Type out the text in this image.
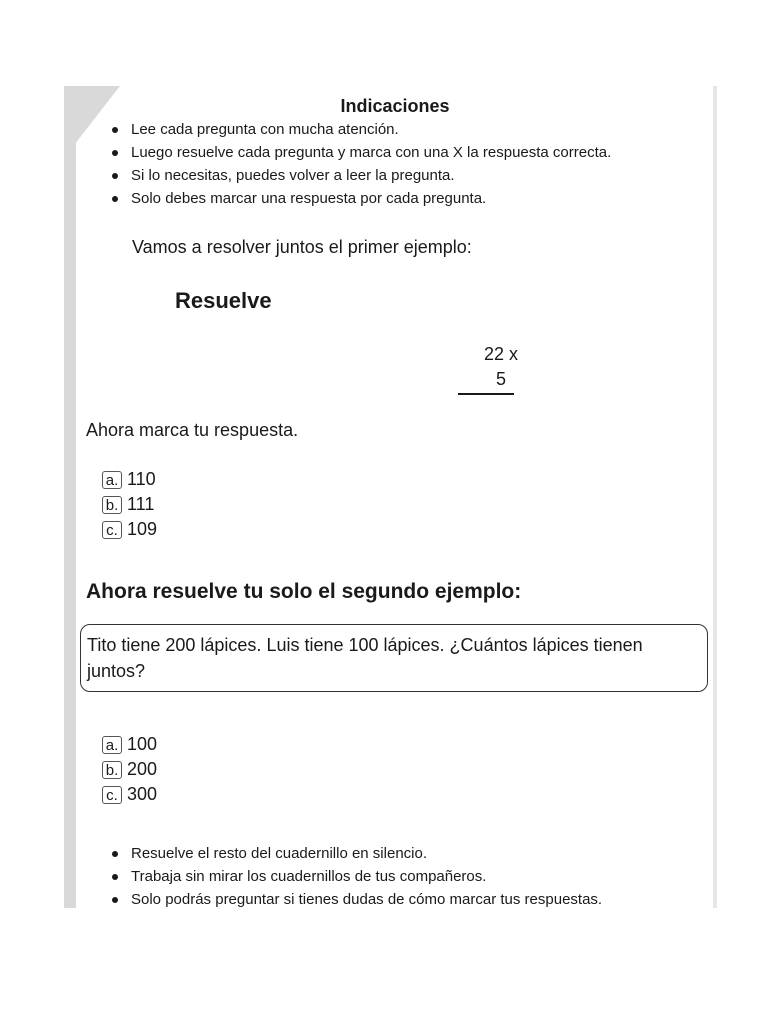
Indicaciones
Lee cada pregunta con mucha atención.
Luego resuelve cada pregunta y marca con una X la respuesta correcta.
Si lo necesitas, puedes volver a leer la pregunta.
Solo debes marcar una respuesta por cada pregunta.
Vamos a resolver juntos el primer ejemplo:
Resuelve
22 x
5
Ahora marca tu respuesta.
a. 110
b. 111
c. 109
Ahora resuelve tu solo el segundo ejemplo:
Tito tiene 200 lápices. Luis tiene 100 lápices. ¿Cuántos lápices tienen
juntos?
a. 100
b. 200
c. 300
Resuelve el resto del cuadernillo en silencio.
Trabaja sin mirar los cuadernillos de tus compañeros.
Solo podrás preguntar si tienes dudas de cómo marcar tus respuestas.
